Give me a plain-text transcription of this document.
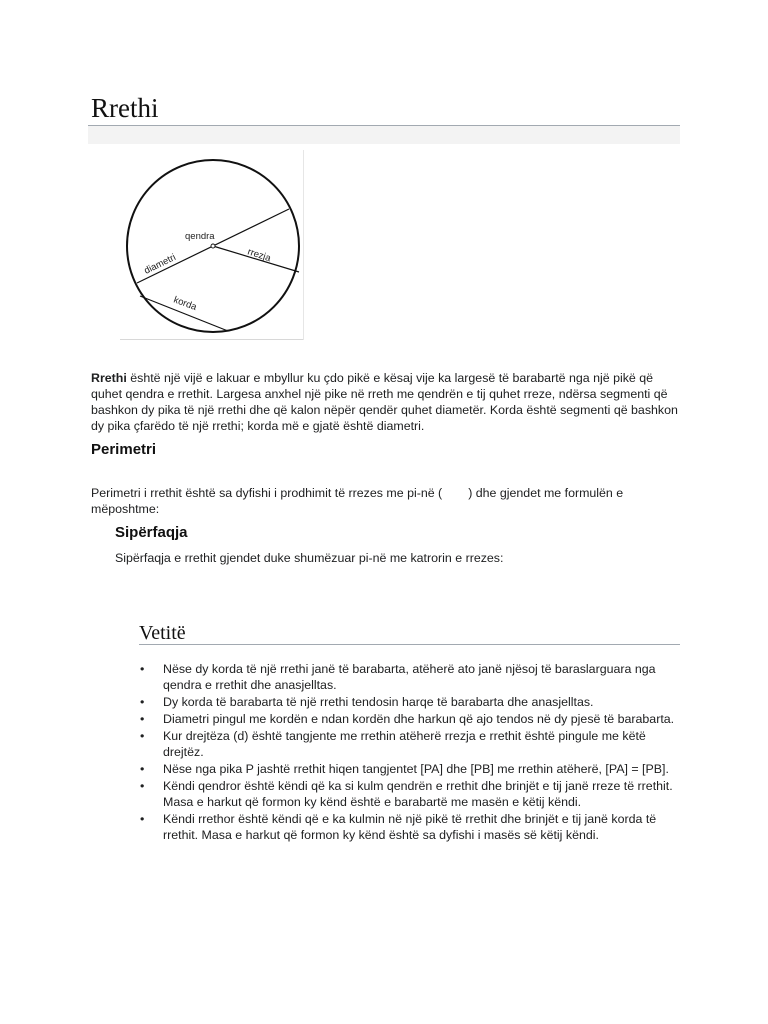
Rrethi
qendra
rrezja
diametri
korda

Rrethi është një vijë e lakuar e mbyllur ku çdo pikë e kësaj vije ka largesë të barabartë nga një pikë që quhet qendra e rrethit. Largesa anxhel një pike në rreth me qendrën e tij quhet rreze, ndërsa segmenti që bashkon dy pika të një rrethi dhe që kalon nëpër qendër quhet diametër. Korda është segmenti që bashkon dy pika çfarëdo të një rrethi; korda më e gjatë është diametri.

Perimetri

Perimetri i rrethit është sa dyfishi i prodhimit të rrezes me pi-në ( ) dhe gjendet me formulën e mëposhtme:

Sipërfaqja

Sipërfaqja e rrethit gjendet duke shumëzuar pi-në me katrorin e rrezes:

Vetitë
• Nëse dy korda të një rrethi janë të barabarta, atëherë ato janë njësoj të baraslarguara nga qendra e rrethit dhe anasjelltas.
• Dy korda të barabarta të një rrethi tendosin harqe të barabarta dhe anasjelltas.
• Diametri pingul me kordën e ndan kordën dhe harkun që ajo tendos në dy pjesë të barabarta.
• Kur drejtëza (d) është tangjente me rrethin atëherë rrezja e rrethit është pingule me këtë drejtëz.
• Nëse nga pika P jashtë rrethit hiqen tangjentet [PA] dhe [PB] me rrethin atëherë, [PA] = [PB].
• Këndi qendror është këndi që ka si kulm qendrën e rrethit dhe brinjët e tij janë rreze të rrethit. Masa e harkut që formon ky kënd është e barabartë me masën e këtij këndi.
• Këndi rrethor është këndi që e ka kulmin në një pikë të rrethit dhe brinjët e tij janë korda të rrethit. Masa e harkut që formon ky kënd është sa dyfishi i masës së këtij këndi.
